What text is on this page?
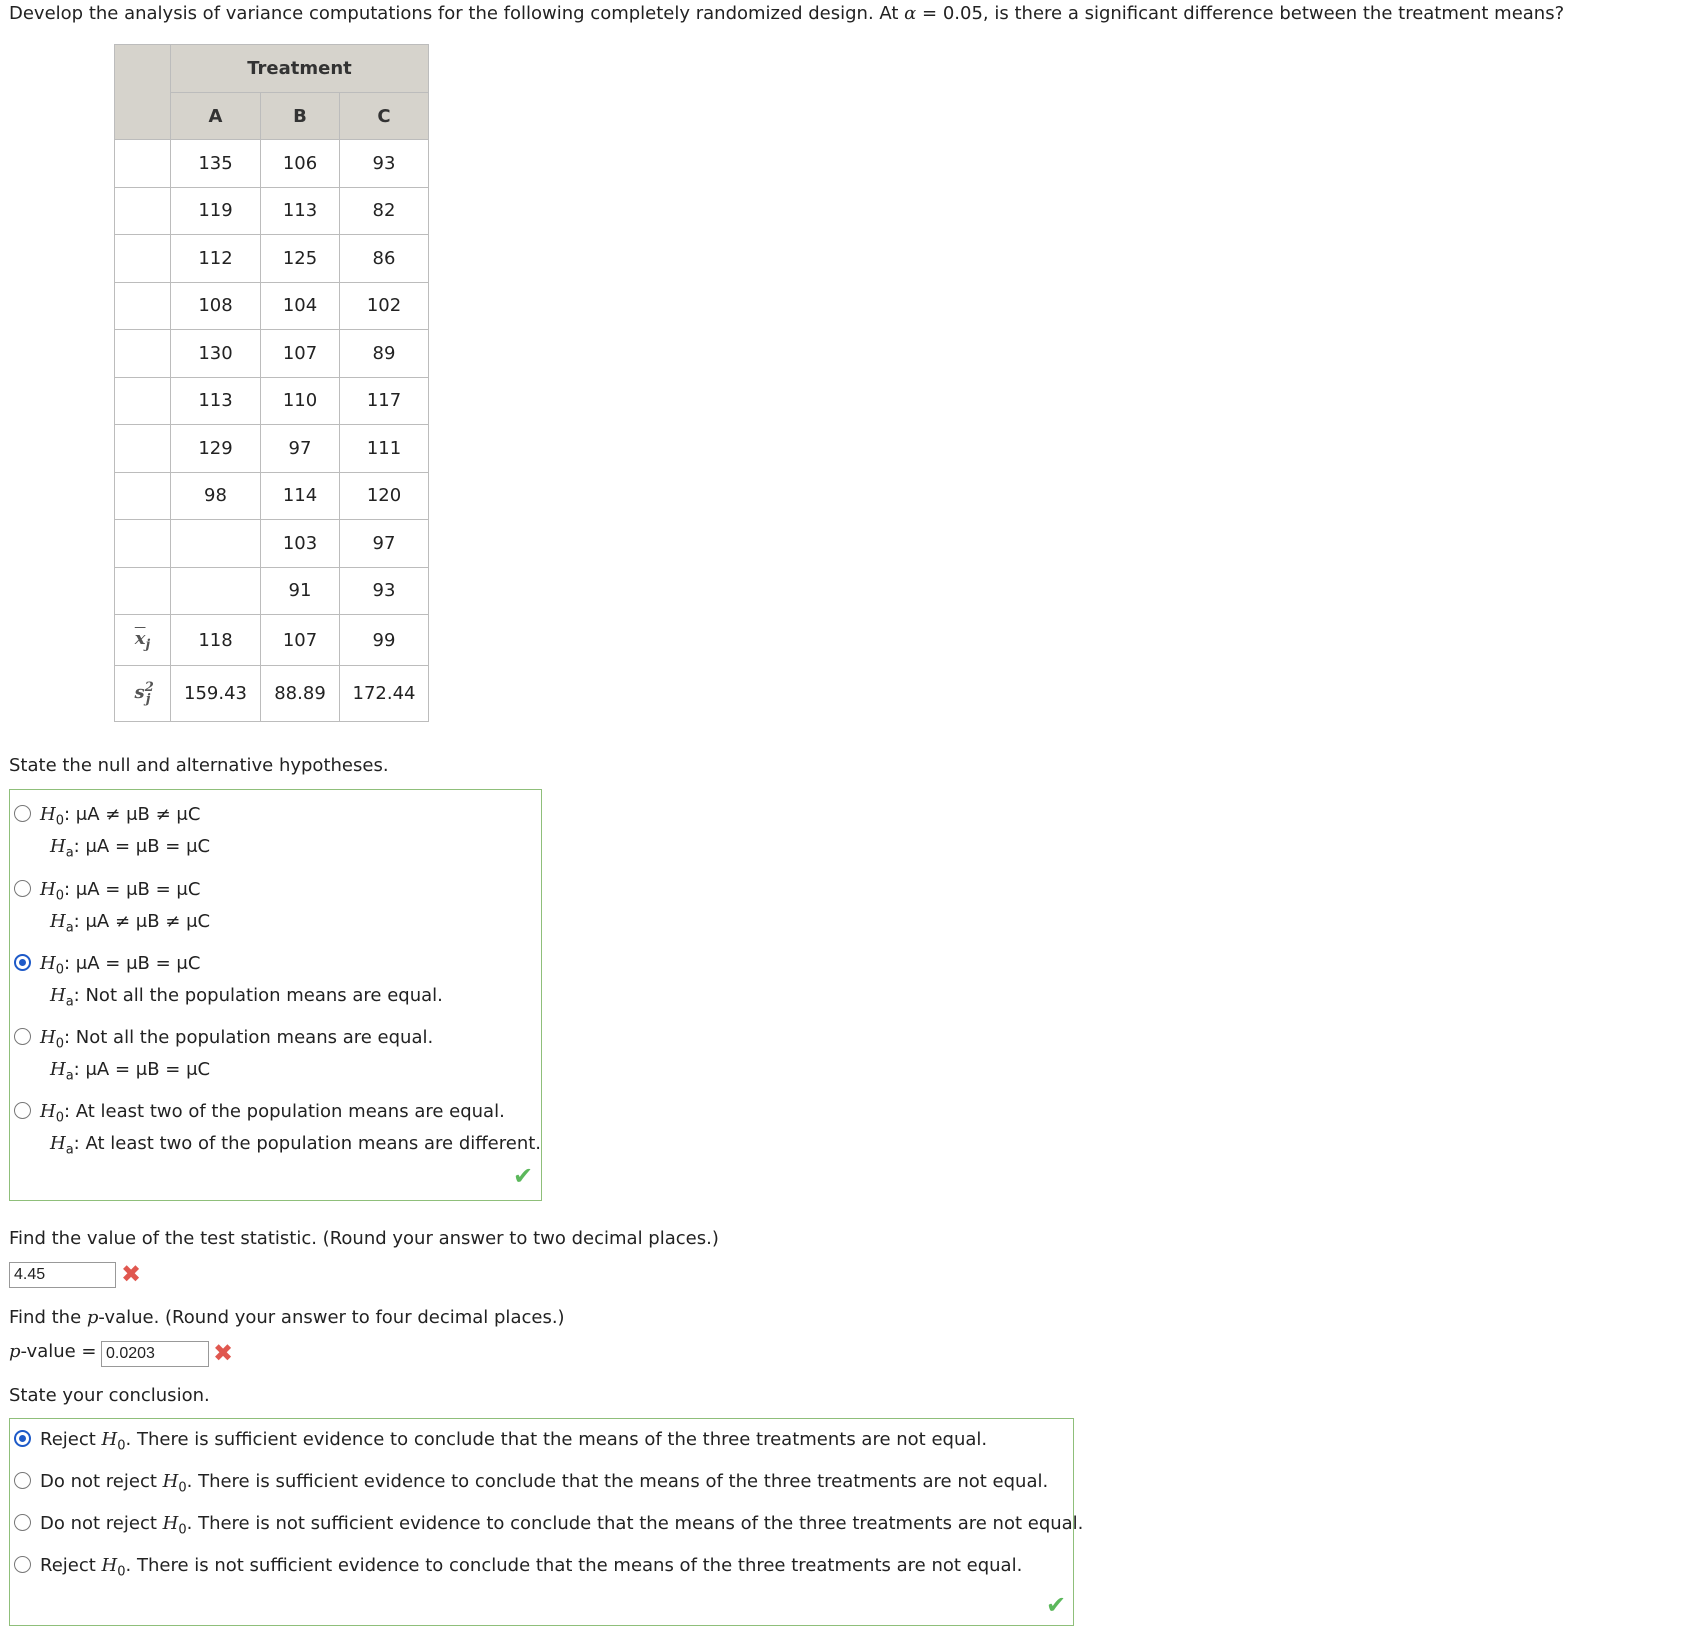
Develop the analysis of variance computations for the following completely randomized design. At α = 0.05, is there a significant difference between the treatment means?
	Treatment		
	A	B	C
	135	106	93
	119	113	82
	112	125	86
	108	104	102
	130	107	89
	113	110	117
	129	97	111
	98	114	120
		103	97
		91	93
$\overline{x}_j$	118	107	99
$s^2_j$	159.43	88.89	172.44
State the null and alternative hypotheses.
$H_0$: μA ≠ μB ≠ μC
$H_a$: μA = μB = μC
$H_0$: μA = μB = μC
$H_a$: μA ≠ μB ≠ μC
$H_0$: μA = μB = μC
$H_a$: Not all the population means are equal.
$H_0$: Not all the population means are equal.
$H_a$: μA = μB = μC
$H_0$: At least two of the population means are equal.
$H_a$: At least two of the population means are different.
✔
Find the value of the test statistic. (Round your answer to two decimal places.)
4.45
✖
Find the p-value. (Round your answer to four decimal places.)
p-value =
0.0203	✖
State your conclusion.
Reject $H_0$. There is sufficient evidence to conclude that the means of the three treatments are not equal.
Do not reject $H_0$. There is sufficient evidence to conclude that the means of the three treatments are not equal.
Do not reject $H_0$. There is not sufficient evidence to conclude that the means of the three treatments are not equal.
Reject $H_0$. There is not sufficient evidence to conclude that the means of the three treatments are not equal.
✔
